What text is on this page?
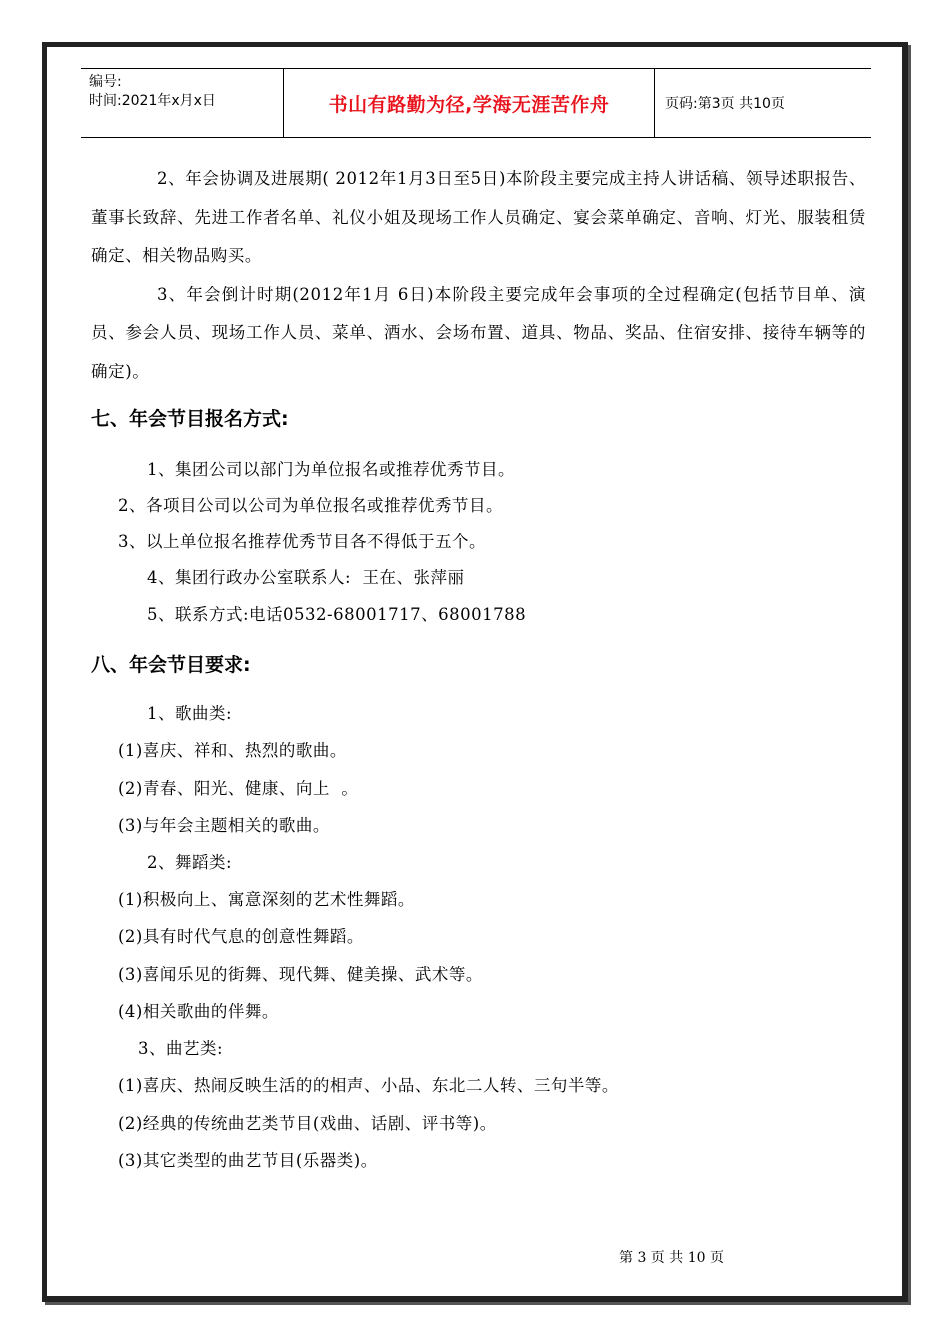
编号:
时间:2021年x月x日	书山有路勤为径,学海无涯苦作舟	页码:第3页 共10页

2、年会协调及进展期( 2012年1月3日至5日)本阶段主要完成主持人讲话稿、领导述职报告、董事长致辞、先进工作者名单、礼仪小姐及现场工作人员确定、宴会菜单确定、音响、灯光、服装租赁确定、相关物品购买。

3、年会倒计时期(2012年1月 6日)本阶段主要完成年会事项的全过程确定(包括节目单、演员、参会人员、现场工作人员、菜单、酒水、会场布置、道具、物品、奖品、住宿安排、接待车辆等的确定)。

七、年会节目报名方式:
1、集团公司以部门为单位报名或推荐优秀节目。
2、各项目公司以公司为单位报名或推荐优秀节目。
3、以上单位报名推荐优秀节目各不得低于五个。
4、集团行政办公室联系人:  王在、张萍丽
5、联系方式:电话0532-68001717、68001788
八、年会节目要求:
1、歌曲类:
(1)喜庆、祥和、热烈的歌曲。
(2)青春、阳光、健康、向上  。
(3)与年会主题相关的歌曲。
2、舞蹈类:
(1)积极向上、寓意深刻的艺术性舞蹈。
(2)具有时代气息的创意性舞蹈。
(3)喜闻乐见的街舞、现代舞、健美操、武术等。
(4)相关歌曲的伴舞。
3、曲艺类:
(1)喜庆、热闹反映生活的的相声、小品、东北二人转、三句半等。
(2)经典的传统曲艺类节目(戏曲、话剧、评书等)。
(3)其它类型的曲艺节目(乐器类)。
第 3 页 共 10 页
